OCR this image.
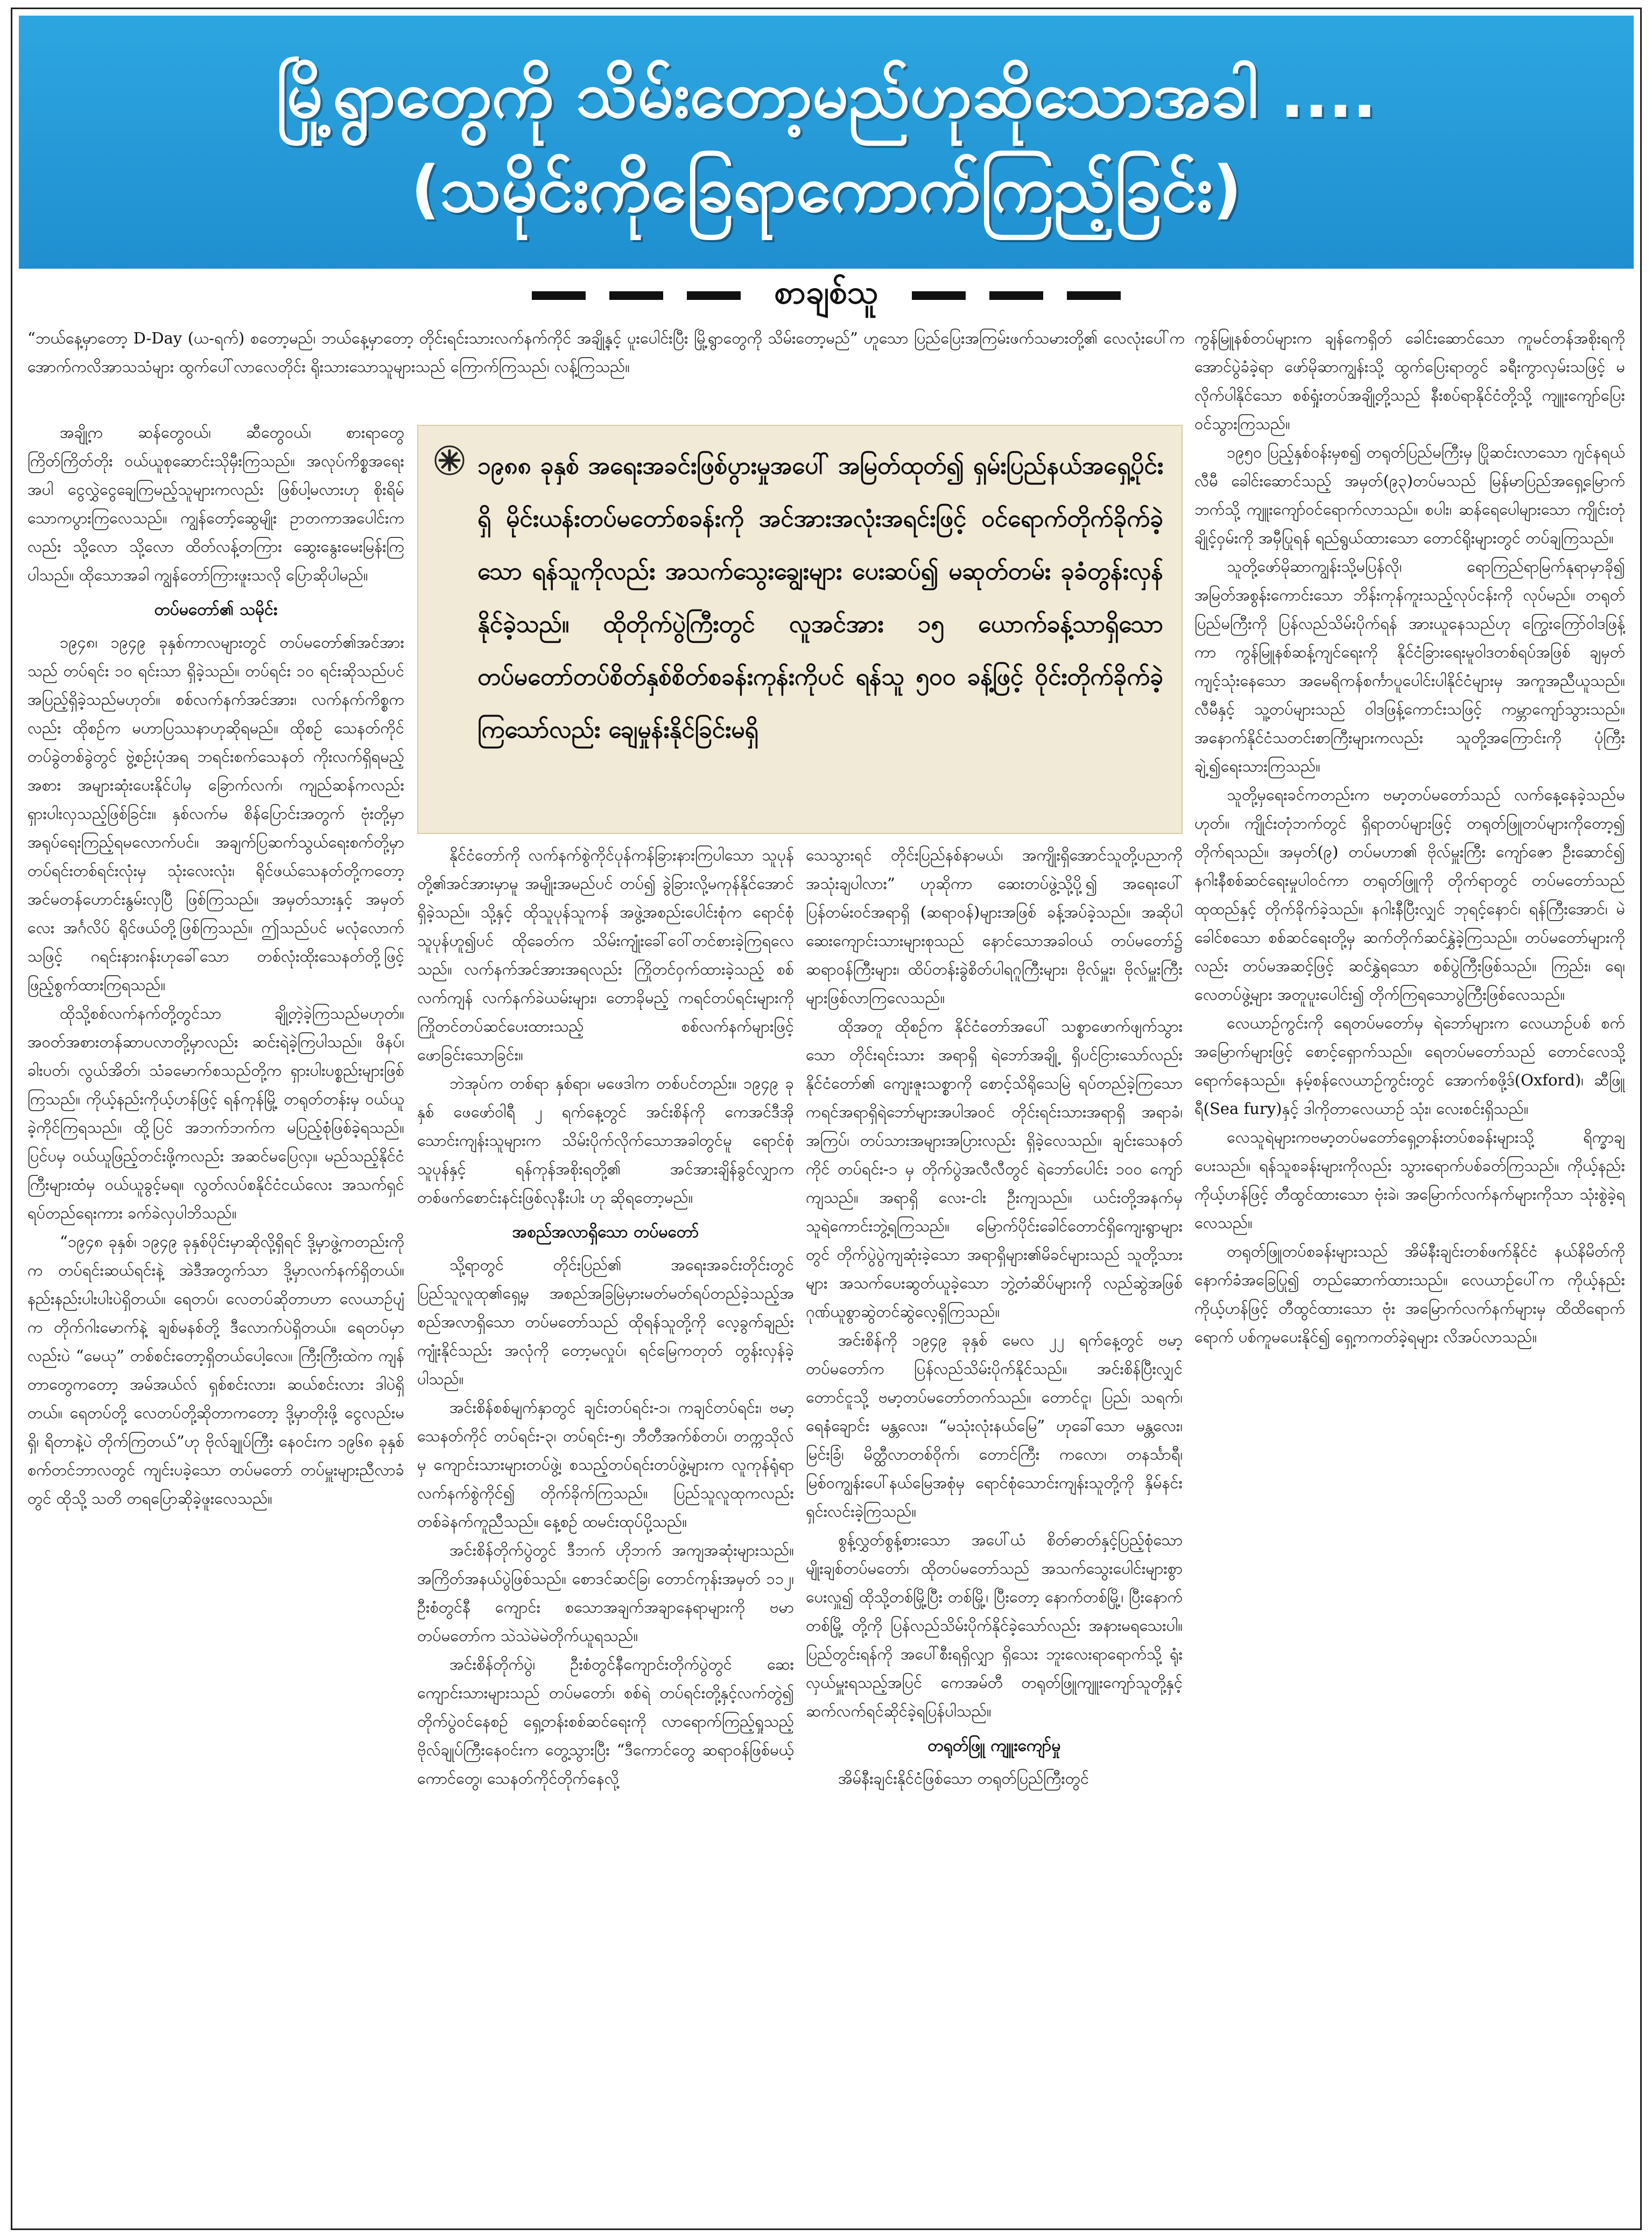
မြို့ရွာတွေကို သိမ်းတော့မည်ဟုဆိုသောအခါ ....
(သမိုင်းကိုခြေရာကောက်ကြည့်ခြင်း)
စာချစ်သူ

“ဘယ်နေ့မှာတော့ D-Day (ယ-ရက်) စတော့မည်၊ ဘယ်နေ့မှာတော့ တိုင်းရင်းသားလက်နက်ကိုင် အချို့နှင့် ပူးပေါင်းပြီး မြို့ရွာတွေကို သိမ်းတော့မည်” ဟူသော ပြည်ပြေးအကြမ်းဖက်သမားတို့၏ လေလုံးပေါ်က အောက်ကလိအာသသံများ ထွက်ပေါ်လာလေတိုင်း ရိုးသားသောသူများသည် ကြောက်ကြသည်၊ လန့်ကြသည်။

အချို့က ဆန်တွေဝယ်၊ ဆီတွေဝယ်၊ စားရာတွေ ကြိတ်ကြိတ်တိုး ဝယ်ယူစုဆောင်းသိုမှီးကြသည်။ အလုပ်ကိစ္စအရေးအပါ ငွေလွှဲငွေချေကြမည့်သူများကလည်း ဖြစ်ပါ့မလားဟု စိုးရိမ်သောကပွားကြလေသည်။ ကျွန်တော့်ဆွေမျိုး ဥာတကာအပေါင်းကလည်း သို့လော သို့လော ထိတ်လန့်တကြား ဆွေးနွေးမေးမြန်းကြပါသည်။ ထိုသောအခါ ကျွန်တော်ကြားဖူးသလို ပြောဆိုပါမည်။

တပ်မတော်၏ သမိုင်း

၁၉၄၈၊ ၁၉၄၉ ခုနှစ်ကာလများတွင် တပ်မတော်၏အင်အားသည် တပ်ရင်း ၁၀ ရင်းသာ ရှိခဲ့သည်။ တပ်ရင်း ၁၀ ရင်းဆိုသည်ပင် အပြည့်ရှိခဲ့သည်မဟုတ်။ စစ်လက်နက်အင်အား၊ လက်နက်ကိစ္စကလည်း ထိုစဉ်က မဟာပြဿနာဟုဆိုရမည်။ ထိုစဉ် သေနတ်ကိုင်တပ်ခွဲတစ်ခွဲတွင် ဗွဲ့စဉ်းပုံအရ ဘရင်းစက်သေနတ် ကိုးလက်ရှိရမည့်အစား အများဆုံးပေးနိုင်ပါမှ ခြောက်လက်၊ ကျည်ဆန်ကလည်း ရှားပါးလှသည့်ဖြစ်ခြင်း။ နှစ်လက်မ စိန်ပြောင်းအတွက် ဗုံးတို့မှာ အရုပ်ရေးကြည့်ရမလောက်ပင်။ အချက်ပြဆက်သွယ်ရေးစက်တို့မှာ တပ်ရင်းတစ်ရင်းလုံးမှ သုံးလေးလုံး၊ ရိုင်ဖယ်သေနတ်တို့ကတော့ အင်မတန်ဟောင်းနွမ်းလှပြီ ဖြစ်ကြသည်။ အမှတ်သားနှင့် အမှတ်လေး အင်္ဂလိပ် ရိုင်ဖယ်တို့ဖြစ်ကြသည်။ ဤသည်ပင် မလုံလောက်သဖြင့် ဂရင်းနားဂန်းဟုခေါ်သော တစ်လုံးထိုးသေနတ်တို့ဖြင့် ဖြည့်စွက်ထားကြရသည်။

ထိုသို့စစ်လက်နက်တို့တွင်သာ ချို့တဲ့ခဲ့ကြသည်မဟုတ်။ အဝတ်အစားတန်ဆာပလာတို့မှာလည်း ဆင်းရဲခဲ့ကြပါသည်။ ဖိနပ်၊ ခါးပတ်၊ လွယ်အိတ်၊ သံခမောက်စသည်တို့က ရှားပါးပစ္စည်းများဖြစ်ကြသည်။ ကိုယ့်နည်းကိုယ့်ဟန်ဖြင့် ရန်ကုန်မြို့ တရုတ်တန်းမှ ဝယ်ယူခဲ့ကိုင်ကြရသည်။ ထို့ပြင် အဘက်ဘက်က မပြည့်စုံဖြစ်ခဲ့ရသည်။ ပြင်ပမှ ဝယ်ယူဖြည့်တင်းဖို့ကလည်း အဆင်မပြေလှ။ မည်သည့်နိုင်ငံကြီးများထံမှ ဝယ်ယူခွင့်မရ။ လွတ်လပ်စနိုင်ငံငယ်လေး အသက်ရှင်ရပ်တည်ရေးကား ခက်ခဲလှပါဘိသည်။

“၁၉၄၈ ခုနှစ်၊ ၁၉၄၉ ခုနှစ်ပိုင်းမှာဆိုလို့ရှိရင် ဒို့မှာဖွဲ့ကတည်းကိုက တပ်ရင်းဆယ်ရင်းနဲ့ အဲဒီအတွက်သာ ဒို့မှာလက်နက်ရှိတယ်။ နည်းနည်းပါးပါးပဲရှိတယ်။ ရေတပ်၊ လေတပ်ဆိုတာဟာ လေယာဉ်ပျံက တိုက်ဂါးမောက်နဲ့ ချစ်မနစ်တို့ ဒီလောက်ပဲရှိတယ်။ ရေတပ်မှာလည်းပဲ “မေယု” တစ်စင်းတော့ရှိတယ်ပေါ့လေ။ ကြီးကြီးထဲက ကျန်တာတွေကတော့ အမ်အယ်လ် ရှစ်စင်းလား၊ ဆယ်စင်းလား ဒါပဲရှိတယ်။ ရေတပ်တို့ လေတပ်တို့ဆိုတာကတော့ ဒို့မှာတိုးဖို့ ငွေလည်းမရှိ၊ ရိတာနဲ့ပဲ တိုက်ကြတယ်”ဟု ဗိုလ်ချုပ်ကြီး နေဝင်းက ၁၉၆၈ ခုနှစ် စက်တင်ဘာလတွင် ကျင်းပခဲ့သော တပ်မတော် တပ်မှူးများညီလာခံတွင် ထိုသို့ သတိ တရပြောဆိုခဲ့ဖူးလေသည်။

၁၉၈၈ ခုနှစ် အရေးအခင်းဖြစ်ပွားမှုအပေါ် အမြတ်ထုတ်၍ ရှမ်းပြည်နယ်အရှေ့ပိုင်းရှိ မိုင်းယန်းတပ်မတော်စခန်းကို အင်အားအလုံးအရင်းဖြင့် ဝင်ရောက်တိုက်ခိုက်ခဲ့သော ရန်သူကိုလည်း အသက်သွေးချွေးများ ပေးဆပ်၍ မဆုတ်တမ်း ခုခံတွန်းလှန်နိုင်ခဲ့သည်။ ထိုတိုက်ပွဲကြီးတွင် လူအင်အား ၁၅ ယောက်ခန့်သာရှိသော တပ်မတော်တပ်စိတ်နှစ်စိတ်စခန်းကုန်းကိုပင် ရန်သူ ၅၀၀ ခန့်ဖြင့် ဝိုင်းတိုက်ခိုက်ခဲ့ကြသော်လည်း ချေမှုန်းနိုင်ခြင်းမရှိ

နိုင်ငံတော်ကို လက်နက်စွဲကိုင်ပုန်ကန်ခြားနားကြပါသော သူပုန်တို့၏အင်အားမှာမူ အမျိုးအမည်ပင် တပ်၍ ခွဲခြားလို့မကုန်နိုင်အောင်ရှိခဲ့သည်။ သို့နှင့် ထိုသူပုန်သူကန် အဖွဲ့အစည်းပေါင်းစုံက ရောင်စုံသူပုန်ဟူ၍ပင် ထိုခေတ်က သိမ်းကျုံးခေါ်ဝေါ်တင်စားခဲ့ကြရလေသည်။ လက်နက်အင်အားအရလည်း ကြိုတင်ဝှက်ထားခဲ့သည့် စစ်လက်ကျန် လက်နက်ခဲယမ်းများ၊ တောခိုမည့် ကရင်တပ်ရင်းများကို ကြိုတင်တပ်ဆင်ပေးထားသည့် စစ်လက်နက်များဖြင့် ဖောခြင်းသောခြင်း။

ဘဲအုပ်က တစ်ရာ နှစ်ရာ၊ မဖေဒါက တစ်ပင်တည်း။ ၁၉၄၉ ခုနှစ် ဖေဖော်ဝါရီ ၂ ရက်နေ့တွင် အင်းစိန်ကို ကေအင်ဒီအိုသောင်းကျန်းသူများက သိမ်းပိုက်လိုက်သောအခါတွင်မူ ရောင်စုံသူပုန်နှင့် ရန်ကုန်အစိုးရတို့၏ အင်အားချိန်ခွင်လျှာက တစ်ဖက်စောင်းနင်းဖြစ်လုနီးပါး ဟု ဆိုရတော့မည်။

အစည်အလာရှိသော တပ်မတော်

သို့ရာတွင် တိုင်းပြည်၏ အရေးအခင်းတိုင်းတွင် ပြည်သူလူထု၏ရှေ့မှ အစည်အခြမြဲမှားမတ်မတ်ရပ်တည်ခဲ့သည့်အစည်အလာရှိသော တပ်မတော်သည် ထိုရန်သူတို့ကို လေ့ခွက်ချည်းကျုံးနိုင်သည်း အလုံကို တော့မလှုပ်၊ ရင်မြေကတုတ် တွန်းလှန်ခဲ့ပါသည်။

အင်းစိန်စစ်မျက်နှာတွင် ချင်းတပ်ရင်း-၁၊ ကချင်တပ်ရင်း၊ ဗမာ့သေနတ်ကိုင် တပ်ရင်း-၃၊ တပ်ရင်း-၅၊ ဘီတီအက်စ်တပ်၊ တက္ကသိုလ်မှ ကျောင်းသားများတပ်ဖွဲ့၊ စသည့်တပ်ရင်းတပ်ဖွဲ့များက လူကုန်ရုံရာ လက်နက်စွဲကိုင်၍ တိုက်ခိုက်ကြသည်။ ပြည်သူလူထုကလည်း တစ်ခဲနက်ကူညီသည်။ နေ့စဉ် ထမင်းထုပ်ပို့သည်။

အင်းစိန်တိုက်ပွဲတွင် ဒီဘက် ဟိုဘက် အကျအဆုံးများသည်။ အကြိတ်အနယ်ပွဲဖြစ်သည်။ စောဒင်ဆင်ခြ၊ တောင်ကုန်းအမှတ် ၁၁၂၊ ဦးစံတွင်နီ ကျောင်း စသောအချက်အချာနေရာများကို ဗမာတပ်မတော်က သဲသဲမဲမဲတိုက်ယူရသည်။

အင်းစိန်တိုက်ပွဲ၊ ဦးစံတွင်နီကျောင်းတိုက်ပွဲတွင် ဆေးကျောင်းသားများသည် တပ်မတော်၊ စစ်ရဲ တပ်ရင်းတို့နှင့်လက်တွဲ၍ တိုက်ပွဲဝင်နေစဉ် ရှေ့တန်းစစ်ဆင်ရေးကို လာရောက်ကြည့်ရှုသည့် ဗိုလ်ချုပ်ကြီးနေဝင်းက တွေ့သွားပြီး “ဒီကောင်တွေ ဆရာဝန်ဖြစ်မယ့်ကောင်တွေ၊ သေနတ်ကိုင်တိုက်နေလို့

သေသွားရင် တိုင်းပြည်နစ်နာမယ်၊ အကျိုးရှိအောင်သူတို့ပညာကိုအသုံးချပါလား” ဟုဆိုကာ ဆေးတပ်ဖွဲ့သို့ပို့၍ အရေးပေါ်ပြန်တမ်းဝင်အရာရှိ (ဆရာဝန်)များအဖြစ် ခန့်အပ်ခဲ့သည်။ အဆိုပါ ဆေးကျောင်းသားများစုသည် နောင်သောအခါဝယ် တပ်မတော်၌ ဆရာဝန်ကြီးများ၊ ထိပ်တန်းခွဲစိတ်ပါရဂူကြီးများ၊ ဗိုလ်မှူး၊ ဗိုလ်မှူးကြီးများဖြစ်လာကြလေသည်။

ထိုအတူ ထိုစဉ်က နိုင်ငံတော်အပေါ် သစ္စာဖောက်ဖျက်သွားသော တိုင်းရင်းသား အရာရှိ ရဲဘော်အချို့ ရှိပင်ငြားသော်လည်း နိုင်ငံတော်၏ ကျေးဇူးသစ္စာကို စောင့်သိရိုသေမြဲ ရပ်တည်ခဲ့ကြသော ကရင်အရာရှိရဲဘော်များအပါအဝင် တိုင်းရင်းသားအရာရှိ အရာခံ၊ အကြပ်၊ တပ်သားအများအပြားလည်း ရှိခဲ့လေသည်။ ချင်းသေနတ်ကိုင် တပ်ရင်း-၁ မှ တိုက်ပွဲအလီလီတွင် ရဲဘော်ပေါင်း ၁၀၀ ကျော်ကျသည်။ အရာရှိ လေး-ငါး ဦးကျသည်။ ယင်းတို့အနက်မှ သူရဲကောင်းဘွဲ့ရကြသည်။ မြောက်ပိုင်းခေါင်တောင်ရှိကျေးရွာများတွင် တိုက်ပွဲပွဲကျဆုံးခဲ့သော အရာရှိများ၏မိခင်များသည် သူတို့သားများ အသက်ပေးဆွတ်ယူခဲ့သော ဘွဲ့တံဆိပ်များကို လည်ဆွဲအဖြစ် ဂုဏ်ယူစွာဆွဲတင်ဆွဲလေ့ရှိကြသည်။

အင်းစိန်ကို ၁၉၄၉ ခုနှစ် မေလ ၂၂ ရက်နေ့တွင် ဗမာ့တပ်မတော်က ပြန်လည်သိမ်းပိုက်နိုင်သည်။ အင်းစိန်ပြီးလျှင် တောင်ငူသို့ ဗမာ့တပ်မတော်တက်သည်။ တောင်ငူ၊ ပြည်၊ သရက်၊ ရေနံချောင်း မန္တလေး၊ “မသုံးလုံးနယ်မြေ” ဟုခေါ်သော မန္တလေး၊ မြင်းခြံ၊ မိတ္ထီလာတစ်ဝိုက်၊ တောင်ကြီး ကလော၊ တနင်္သာရီ၊ မြစ်ဝကျွန်းပေါ်နယ်မြေအစုံမှ ရောင်စုံသောင်းကျန်းသူတို့ကို နှိမ်နင်းရှင်းလင်းခဲ့ကြသည်။

စွန့်လွှတ်စွန့်စားသော အပေါ်ယံ စိတ်ဓာတ်နှင့်ပြည့်စုံသော မျိုးချစ်တပ်မတော်၊ ထိုတပ်မတော်သည် အသက်သွေးပေါင်းများစွာ ပေးလှူ၍ ထိုသို့တစ်မြို့ပြီး တစ်မြို့၊ ပြီးတော့ နောက်တစ်မြို့၊ ပြီးနောက်တစ်မြို့ တို့ကို ပြန်လည်သိမ်းပိုက်နိုင်ခဲ့သော်လည်း အနားမရသေးပါ။ ပြည်တွင်းရန်ကို အပေါ်စီးရရှိလျှာ ရှိသေး ဘူးလေးရာရောက်သို့ ရုံးလှယ်မှူးရသည့်အပြင် ကေအမ်တီ တရုတ်ဖြူကျူးကျော်သူတို့နှင့် ဆက်လက်ရင်ဆိုင်ခဲ့ရပြန်ပါသည်။

တရုတ်ဖြူ ကျူးကျော်မှု

အိမ်နီးချင်းနိုင်ငံဖြစ်သော တရုတ်ပြည်ကြီးတွင်

ကွန်မြူနစ်တပ်များက ချန်ကေရှိတ် ခေါင်းဆောင်သော ကူမင်တန်အစိုးရကို အောင်ပွဲခံခဲ့ရာ ဖော်မိုဆာကျွန်းသို့ ထွက်ပြေးရာတွင် ခရီးကွာလှမ်းသဖြင့် မလိုက်ပါနိုင်သော စစ်ရှုံးတပ်အချို့တို့သည် နီးစပ်ရာနိုင်ငံတို့သို့ ကျူးကျော်ပြေးဝင်သွားကြသည်။

၁၉၅၀ ပြည့်နှစ်ဝန်းမှစ၍ တရုတ်ပြည်မကြီးမှ ပြိုဆင်းလာသော ဂျင်နရယ်လီမီ ခေါင်းဆောင်သည့် အမှတ်(၉၃)တပ်မသည် မြန်မာပြည်အရှေ့မြောက်ဘက်သို့ ကျူးကျော်ဝင်ရောက်လာသည်။ စပါး၊ ဆန်ရေပေါများသော ကျိုင်းတုံချိုင့်ဝှမ်းကို အမှီပြုရန် ရည်ရွယ်ထားသော တောင်ရိုးများတွင် တပ်ချကြသည်။

သူတို့ဖော်မိုဆာကျွန်းသို့မပြန်လို၊ ရောကြည်ရာမြက်နုရာမှာခို၍ အမြတ်အစွန်းကောင်းသော ဘိန်းကုန်ကူးသည့်လုပ်ငန်းကို လုပ်မည်။ တရုတ်ပြည်မကြီးကို ပြန်လည်သိမ်းပိုက်ရန် အားယူနေသည်ဟု ကြွေးကြော်ဝါဒဖြန့်ကာ ကွန်မြူနစ်ဆန့်ကျင်ရေးကို နိုင်ငံခြားရေးမူဝါဒတစ်ရပ်အဖြစ် ချမှတ်ကျင့်သုံးနေသော အမေရိကန်စင်္ကာပူပေါင်းပါနိုင်ငံများမှ အကူအညီယူသည်။ လီမီနှင့် သူ့တပ်များသည် ဝါဒဖြန့်ကောင်းသဖြင့် ကမ္ဘာကျော်သွားသည်။ အနောက်နိုင်ငံသတင်းစာကြီးများကလည်း သူတို့အကြောင်းကို ပုံကြီးချဲ့၍ရေးသားကြသည်။

သူတို့မှရေးခင်ကတည်းက ဗမာ့တပ်မတော်သည် လက်နေ့နေခဲ့သည်မဟုတ်။ ကျိုင်းတုံဘက်တွင် ရှိရာတပ်များဖြင့် တရုတ်ဖြူတပ်များကိုတော့၍ တိုက်ရသည်။ အမှတ်(၉) တပ်မဟာ၏ ဗိုလ်မှူးကြီး ကျော်ဇော ဦးဆောင်၍ နဂါးနီစစ်ဆင်ရေးမှုပါဝင်ကာ တရုတ်ဖြူကို တိုက်ရာတွင် တပ်မတော်သည် ထုထည်နှင့် တိုက်ခိုက်ခဲ့သည်။ နဂါးနီပြီးလျှင် ဘုရင့်နောင်၊ ရန်ကြီးအောင်၊ မဲခေါင်စသော စစ်ဆင်ရေးတို့မှ ဆက်တိုက်ဆင်နွှဲခဲ့ကြသည်။ တပ်မတော်များကိုလည်း တပ်မအဆင့်ဖြင့် ဆင်နွှဲရသော စစ်ပွဲကြီးဖြစ်သည်။ ကြည်း၊ ရေ၊ လေတပ်ဖွဲ့များ အတူပူးပေါင်း၍ တိုက်ကြရသောပွဲကြီးဖြစ်လေသည်။

လေယာဉ်ကွင်းကို ရေတပ်မတော်မှ ရဲဘော်များက လေယာဉ်ပစ် စက်အမြောက်များဖြင့် စောင့်ရှောက်သည်။ ရေတပ်မတော်သည် တောင်လေသို့ ရောက်နေသည်။ နမ့်စန်လေယာဉ်ကွင်းတွင် အောက်စဖို့ဒ်(Oxford)၊ ဆီဖြူရီ(Sea fury)နှင့် ဒါကိုတာလေယာဉ် သုံး၊ လေးစင်းရှိသည်။

လေသူရဲများကဗမာ့တပ်မတော်ရှေ့တန်းတပ်စခန်းများသို့ ရိက္ခာချပေးသည်။ ရန်သူစခန်းများကိုလည်း သွားရောက်ပစ်ခတ်ကြသည်။ ကိုယ့်နည်းကိုယ့်ဟန်ဖြင့် တီထွင်ထားသော ဗုံးခဲ၊ အမြောက်လက်နက်များကိုသာ သုံးစွဲခဲ့ရလေသည်။

တရုတ်ဖြူတပ်စခန်းများသည် အိမ်နီးချင်းတစ်ဖက်နိုင်ငံ နယ်နိမိတ်ကို နောက်ခံအခြေပြု၍ တည်ဆောက်ထားသည်။ လေယာဉ်ပေါ်က ကိုယ့်နည်းကိုယ့်ဟန်ဖြင့် တီထွင်ထားသော ဗုံး အမြောက်လက်နက်များမှ ထိထိရောက်ရောက် ပစ်ကူမပေးနိုင်၍ ရှေ့ကကတ်ခဲ့ရများ လိအပ်လာသည်။
